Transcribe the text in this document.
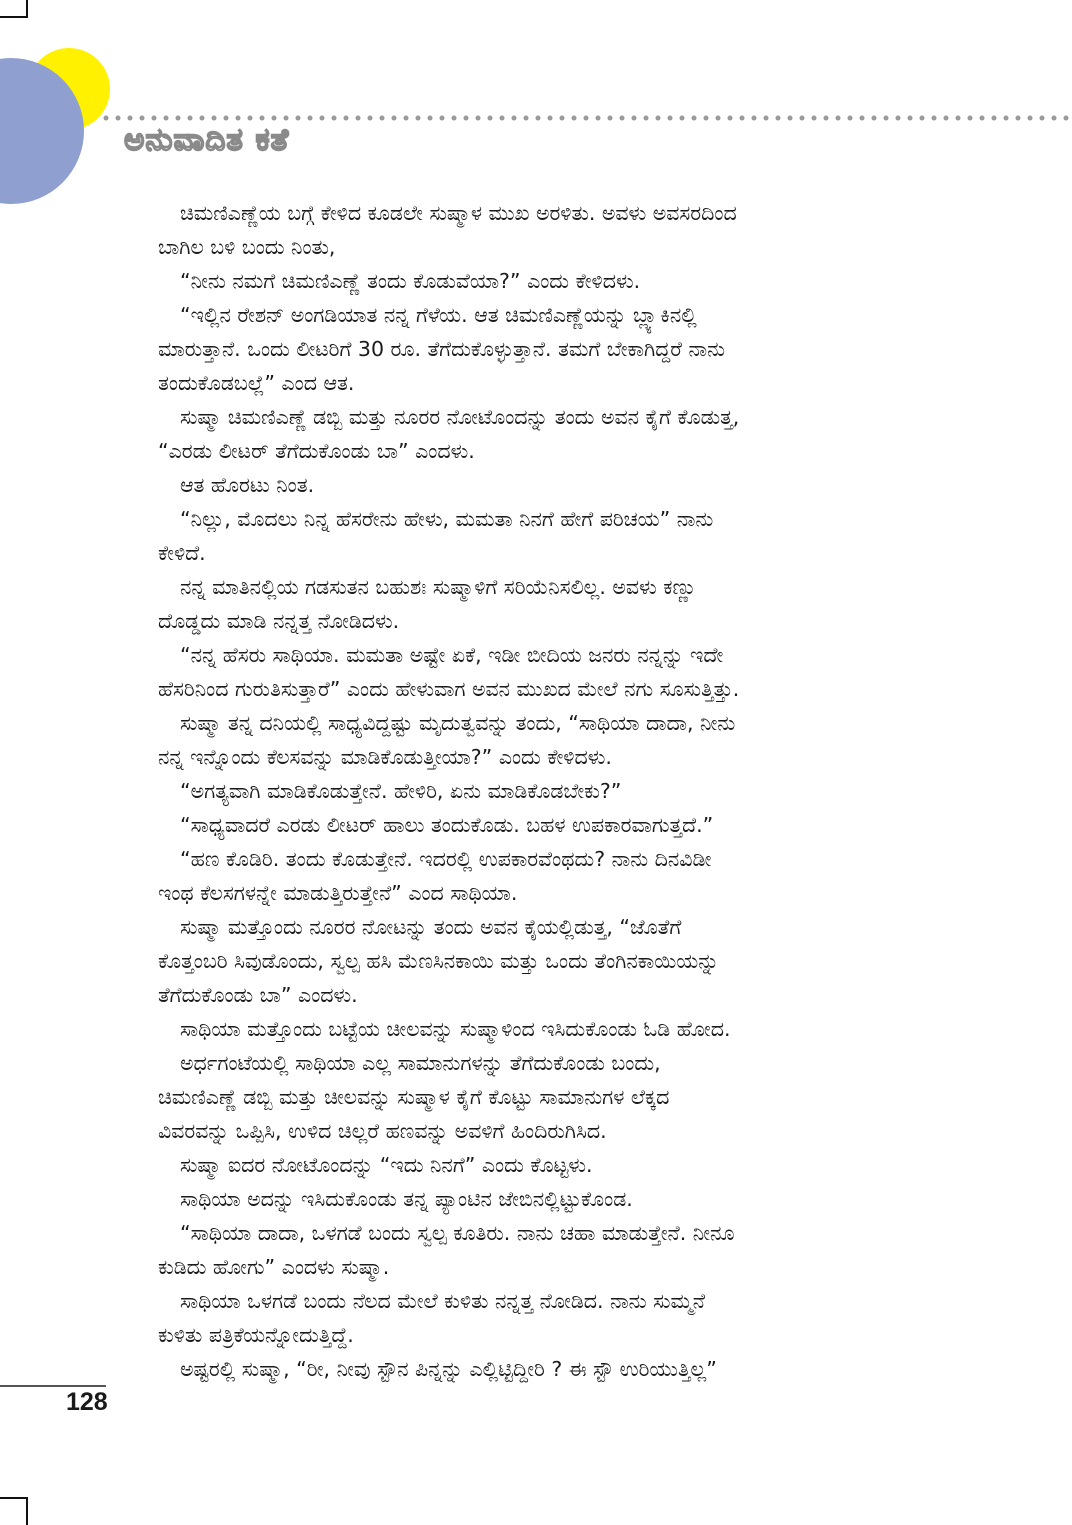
ಅನುವಾದಿತ ಕತೆ
ಚಿಮಣಿಎಣ್ಣೆಯ ಬಗ್ಗೆ ಕೇಳಿದ ಕೂಡಲೇ ಸುಷ್ಮಾಳ ಮುಖ ಅರಳಿತು. ಅವಳು ಅವಸರದಿಂದ
ಬಾಗಿಲ ಬಳಿ ಬಂದು ನಿಂತು,
“ನೀನು ನಮಗೆ ಚಿಮಣಿಎಣ್ಣೆ ತಂದು ಕೊಡುವೆಯಾ?” ಎಂದು ಕೇಳಿದಳು.
“ಇಲ್ಲಿನ ರೇಶನ್ ಅಂಗಡಿಯಾತ ನನ್ನ ಗೆಳೆಯ. ಆತ ಚಿಮಣಿಎಣ್ಣೆಯನ್ನು ಬ್ಲ್ಯಾಕಿನಲ್ಲಿ
ಮಾರುತ್ತಾನೆ. ಒಂದು ಲೀಟರಿಗೆ 30 ರೂ. ತೆಗೆದುಕೊಳ್ಳುತ್ತಾನೆ. ತಮಗೆ ಬೇಕಾಗಿದ್ದರೆ ನಾನು
ತಂದುಕೊಡಬಲ್ಲೆ” ಎಂದ ಆತ.
ಸುಷ್ಮಾ ಚಿಮಣಿಎಣ್ಣೆ ಡಬ್ಬಿ ಮತ್ತು ನೂರರ ನೋಟೊಂದನ್ನು ತಂದು ಅವನ ಕೈಗೆ ಕೊಡುತ್ತ,
“ಎರಡು ಲೀಟರ್ ತೆಗೆದುಕೊಂಡು ಬಾ” ಎಂದಳು.
ಆತ ಹೊರಟು ನಿಂತ.
“ನಿಲ್ಲು, ಮೊದಲು ನಿನ್ನ ಹೆಸರೇನು ಹೇಳು, ಮಮತಾ ನಿನಗೆ ಹೇಗೆ ಪರಿಚಯ” ನಾನು
ಕೇಳಿದೆ.
ನನ್ನ ಮಾತಿನಲ್ಲಿಯ ಗಡಸುತನ ಬಹುಶಃ ಸುಷ್ಮಾಳಿಗೆ ಸರಿಯೆನಿಸಲಿಲ್ಲ. ಅವಳು ಕಣ್ಣು
ದೊಡ್ಡದು ಮಾಡಿ ನನ್ನತ್ತ ನೋಡಿದಳು.
“ನನ್ನ ಹೆಸರು ಸಾಥಿಯಾ. ಮಮತಾ ಅಷ್ಟೇ ಏಕೆ, ಇಡೀ ಬೀದಿಯ ಜನರು ನನ್ನನ್ನು ಇದೇ
ಹೆಸರಿನಿಂದ ಗುರುತಿಸುತ್ತಾರೆ” ಎಂದು ಹೇಳುವಾಗ ಅವನ ಮುಖದ ಮೇಲೆ ನಗು ಸೂಸುತ್ತಿತ್ತು.
ಸುಷ್ಮಾ ತನ್ನ ದನಿಯಲ್ಲಿ ಸಾಧ್ಯವಿದ್ದಷ್ಟು ಮೃದುತ್ವವನ್ನು ತಂದು, “ಸಾಥಿಯಾ ದಾದಾ, ನೀನು
ನನ್ನ ಇನ್ನೊಂದು ಕೆಲಸವನ್ನು ಮಾಡಿಕೊಡುತ್ತೀಯಾ?” ಎಂದು ಕೇಳಿದಳು.
“ಅಗತ್ಯವಾಗಿ ಮಾಡಿಕೊಡುತ್ತೇನೆ. ಹೇಳಿರಿ, ಏನು ಮಾಡಿಕೊಡಬೇಕು?”
“ಸಾಧ್ಯವಾದರೆ ಎರಡು ಲೀಟರ್ ಹಾಲು ತಂದುಕೊಡು. ಬಹಳ ಉಪಕಾರವಾಗುತ್ತದೆ.”
“ಹಣ ಕೊಡಿರಿ. ತಂದು ಕೊಡುತ್ತೇನೆ. ಇದರಲ್ಲಿ ಉಪಕಾರವೆಂಥದು? ನಾನು ದಿನವಿಡೀ
ಇಂಥ ಕೆಲಸಗಳನ್ನೇ ಮಾಡುತ್ತಿರುತ್ತೇನೆ” ಎಂದ ಸಾಥಿಯಾ.
ಸುಷ್ಮಾ ಮತ್ತೊಂದು ನೂರರ ನೋಟನ್ನು ತಂದು ಅವನ ಕೈಯಲ್ಲಿಡುತ್ತ, “ಜೊತೆಗೆ
ಕೊತ್ತಂಬರಿ ಸಿವುಡೊಂದು, ಸ್ವಲ್ಪ ಹಸಿ ಮೆಣಸಿನಕಾಯಿ ಮತ್ತು ಒಂದು ತೆಂಗಿನಕಾಯಿಯನ್ನು
ತೆಗೆದುಕೊಂಡು ಬಾ” ಎಂದಳು.
ಸಾಥಿಯಾ ಮತ್ತೊಂದು ಬಟ್ಟೆಯ ಚೀಲವನ್ನು ಸುಷ್ಮಾಳಿಂದ ಇಸಿದುಕೊಂಡು ಓಡಿ ಹೋದ.
ಅರ್ಧಗಂಟೆಯಲ್ಲಿ ಸಾಥಿಯಾ ಎಲ್ಲ ಸಾಮಾನುಗಳನ್ನು ತೆಗೆದುಕೊಂಡು ಬಂದು,
ಚಿಮಣಿಎಣ್ಣೆ ಡಬ್ಬಿ ಮತ್ತು ಚೀಲವನ್ನು ಸುಷ್ಮಾಳ ಕೈಗೆ ಕೊಟ್ಟು ಸಾಮಾನುಗಳ ಲೆಕ್ಕದ
ವಿವರವನ್ನು ಒಪ್ಪಿಸಿ, ಉಳಿದ ಚಿಲ್ಲರೆ ಹಣವನ್ನು ಅವಳಿಗೆ ಹಿಂದಿರುಗಿಸಿದ.
ಸುಷ್ಮಾ ಐದರ ನೋಟೊಂದನ್ನು “ಇದು ನಿನಗೆ” ಎಂದು ಕೊಟ್ಟಳು.
ಸಾಥಿಯಾ ಅದನ್ನು ಇಸಿದುಕೊಂಡು ತನ್ನ ಪ್ಯಾಂಟಿನ ಜೇಬಿನಲ್ಲಿಟ್ಟುಕೊಂಡ.
“ಸಾಥಿಯಾ ದಾದಾ, ಒಳಗಡೆ ಬಂದು ಸ್ವಲ್ಪ ಕೂತಿರು. ನಾನು ಚಹಾ ಮಾಡುತ್ತೇನೆ. ನೀನೂ
ಕುಡಿದು ಹೋಗು” ಎಂದಳು ಸುಷ್ಮಾ.
ಸಾಥಿಯಾ ಒಳಗಡೆ ಬಂದು ನೆಲದ ಮೇಲೆ ಕುಳಿತು ನನ್ನತ್ತ ನೋಡಿದ. ನಾನು ಸುಮ್ಮನೆ
ಕುಳಿತು ಪತ್ರಿಕೆಯನ್ನೋದುತ್ತಿದ್ದೆ.
ಅಷ್ಟರಲ್ಲಿ ಸುಷ್ಮಾ, “ರೀ, ನೀವು ಸ್ಟೌನ ಪಿನ್ನನ್ನು ಎಲ್ಲಿಟ್ಟಿದ್ದೀರಿ ? ಈ ಸ್ಟೌ ಉರಿಯುತ್ತಿಲ್ಲ”
128
